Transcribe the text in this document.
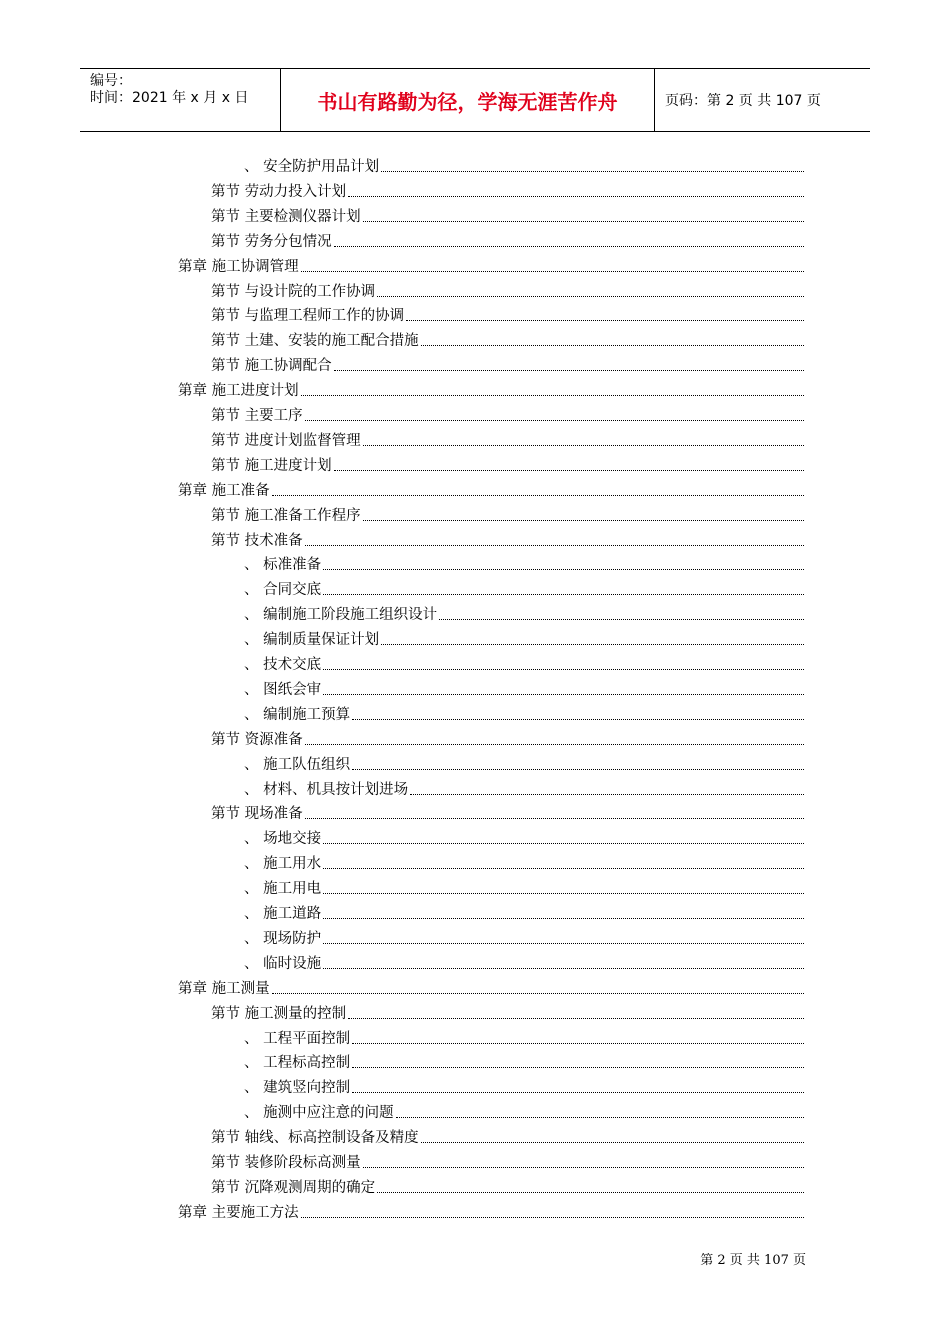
编号：
时间：2021 年 x 月 x 日	书山有路勤为径，学海无涯苦作舟	页码：第 2 页 共 107 页
、 安全防护用品计划
第节 劳动力投入计划
第节 主要检测仪器计划
第节 劳务分包情况
第章 施工协调管理
第节 与设计院的工作协调
第节 与监理工程师工作的协调
第节 土建、安装的施工配合措施
第节 施工协调配合
第章 施工进度计划
第节 主要工序
第节 进度计划监督管理
第节 施工进度计划
第章 施工准备
第节 施工准备工作程序
第节 技术准备
、 标准准备
、 合同交底
、 编制施工阶段施工组织设计
、 编制质量保证计划
、 技术交底
、 图纸会审
、 编制施工预算
第节 资源准备
、 施工队伍组织
、 材料、机具按计划进场
第节 现场准备
、 场地交接
、 施工用水
、 施工用电
、 施工道路
、 现场防护
、 临时设施
第章 施工测量
第节 施工测量的控制
、 工程平面控制
、 工程标高控制
、 建筑竖向控制
、 施测中应注意的问题
第节 轴线、标高控制设备及精度
第节 装修阶段标高测量
第节 沉降观测周期的确定
第章 主要施工方法
第 2 页 共 107 页
